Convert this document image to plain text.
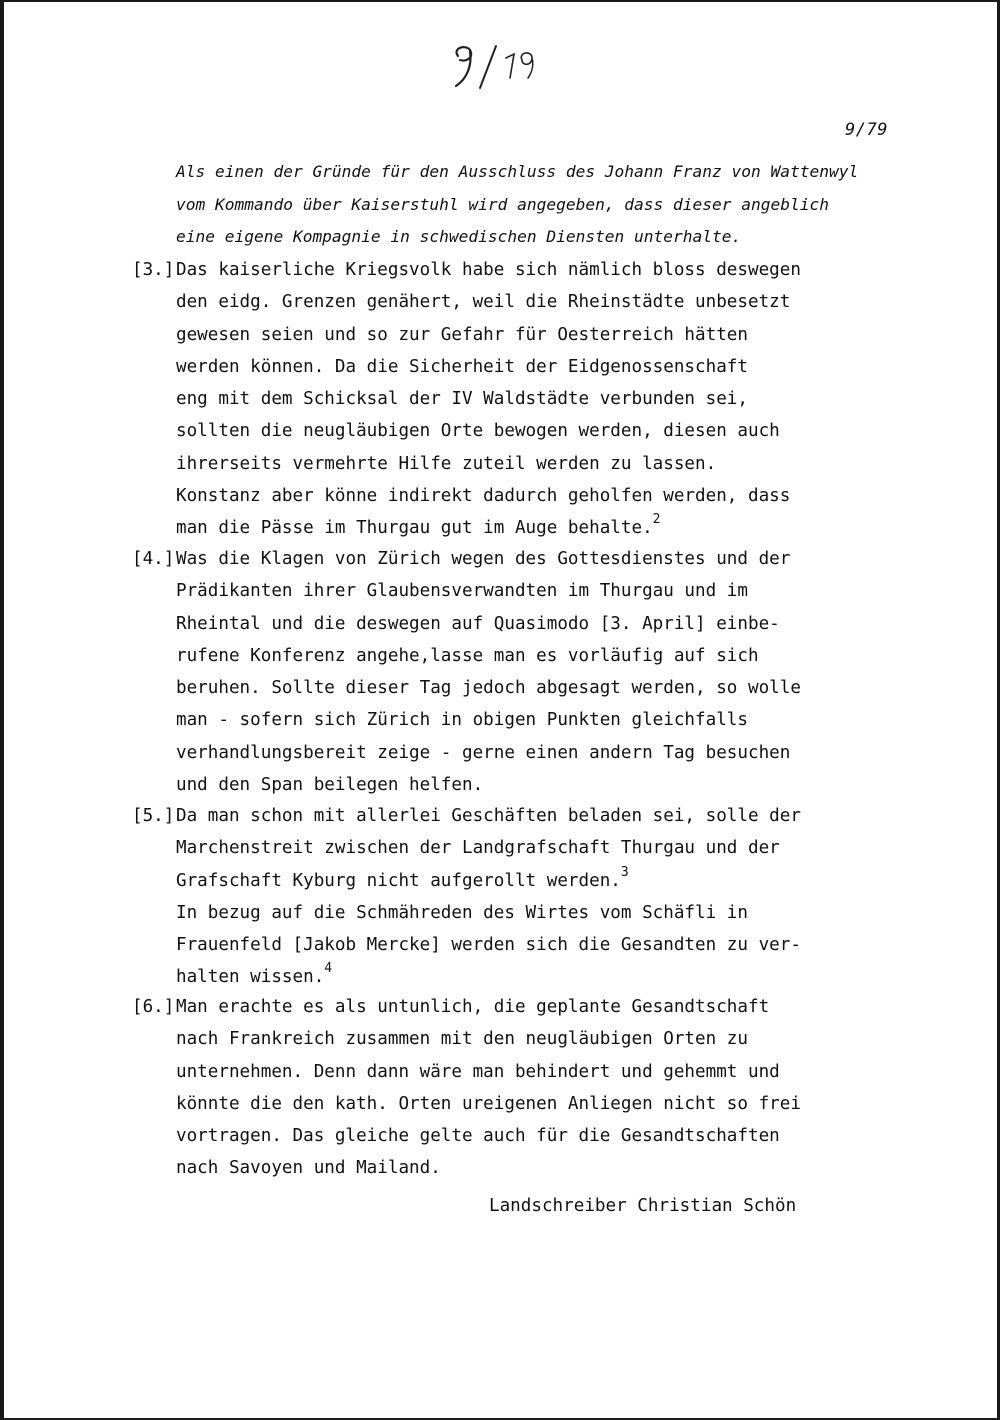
9/79
Als einen der Gründe für den Ausschluss des Johann Franz von Wattenwyl
vom Kommando über Kaiserstuhl wird angegeben, dass dieser angeblich
eine eigene Kompagnie in schwedischen Diensten unterhalte.
[3.] Das kaiserliche Kriegsvolk habe sich nämlich bloss deswegen
den eidg. Grenzen genähert, weil die Rheinstädte unbesetzt
gewesen seien und so zur Gefahr für Oesterreich hätten
werden können. Da die Sicherheit der Eidgenossenschaft
eng mit dem Schicksal der IV Waldstädte verbunden sei,
sollten die neugläubigen Orte bewogen werden, diesen auch
ihrerseits vermehrte Hilfe zuteil werden zu lassen.
Konstanz aber könne indirekt dadurch geholfen werden, dass
man die Pässe im Thurgau gut im Auge behalte.$^2$
[4.] Was die Klagen von Zürich wegen des Gottesdienstes und der
Prädikanten ihrer Glaubensverwandten im Thurgau und im
Rheintal und die deswegen auf Quasimodo [3. April] einbe-
rufene Konferenz angehe,lasse man es vorläufig auf sich
beruhen. Sollte dieser Tag jedoch abgesagt werden, so wolle
man - sofern sich Zürich in obigen Punkten gleichfalls
verhandlungsbereit zeige - gerne einen andern Tag besuchen
und den Span beilegen helfen.
[5.] Da man schon mit allerlei Geschäften beladen sei, solle der
Marchenstreit zwischen der Landgrafschaft Thurgau und der
Grafschaft Kyburg nicht aufgerollt werden.$^3$
In bezug auf die Schmähreden des Wirtes vom Schäfli in
Frauenfeld [Jakob Mercke] werden sich die Gesandten zu ver-
halten wissen.$^4$
[6.] Man erachte es als untunlich, die geplante Gesandtschaft
nach Frankreich zusammen mit den neugläubigen Orten zu
unternehmen. Denn dann wäre man behindert und gehemmt und
könnte die den kath. Orten ureigenen Anliegen nicht so frei
vortragen. Das gleiche gelte auch für die Gesandtschaften
nach Savoyen und Mailand.
Landschreiber Christian Schön
